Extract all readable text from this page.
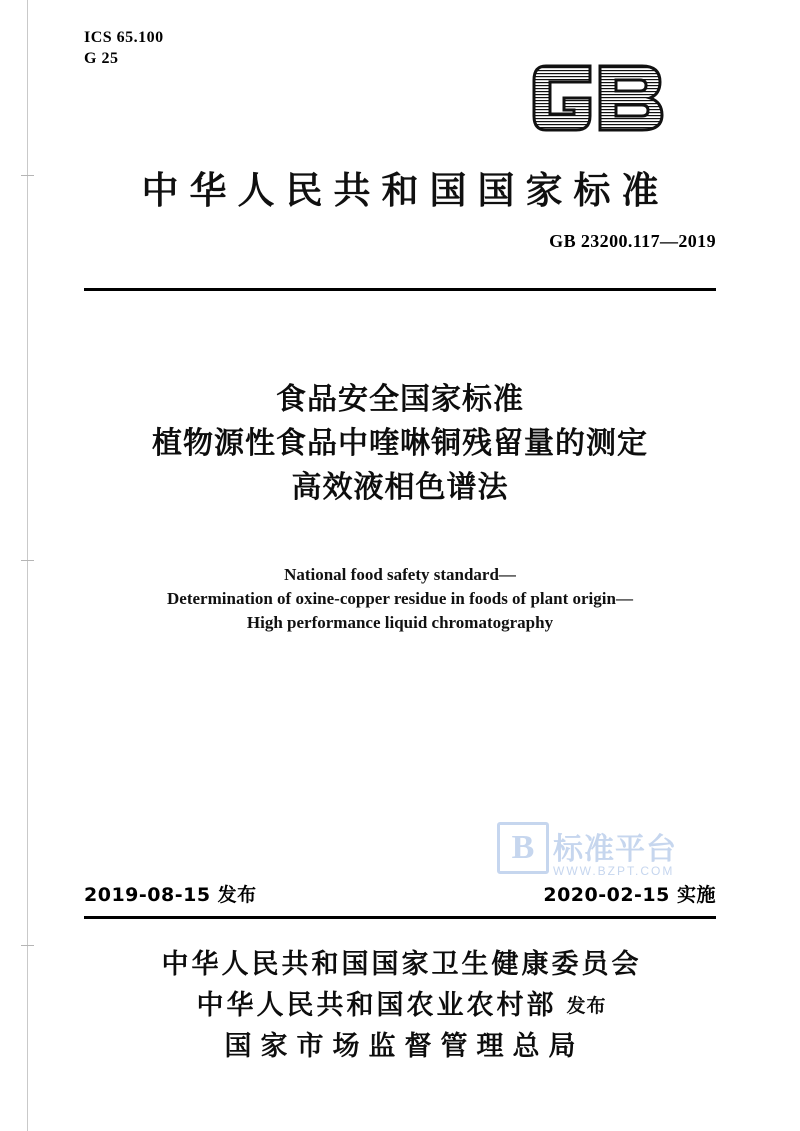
ICS 65.100
G 25
中华人民共和国国家标准
GB 23200.117—2019
食品安全国家标准
植物源性食品中喹啉铜残留量的测定
高效液相色谱法
National food safety standard—
Determination of oxine-copper residue in foods of plant origin—
High performance liquid chromatography
B 标准平台
WWW.BZPT.COM
2019-08-15 发布	2020-02-15 实施
中华人民共和国国家卫生健康委员会
中华人民共和国农业农村部 发布
国家市场监督管理总局
